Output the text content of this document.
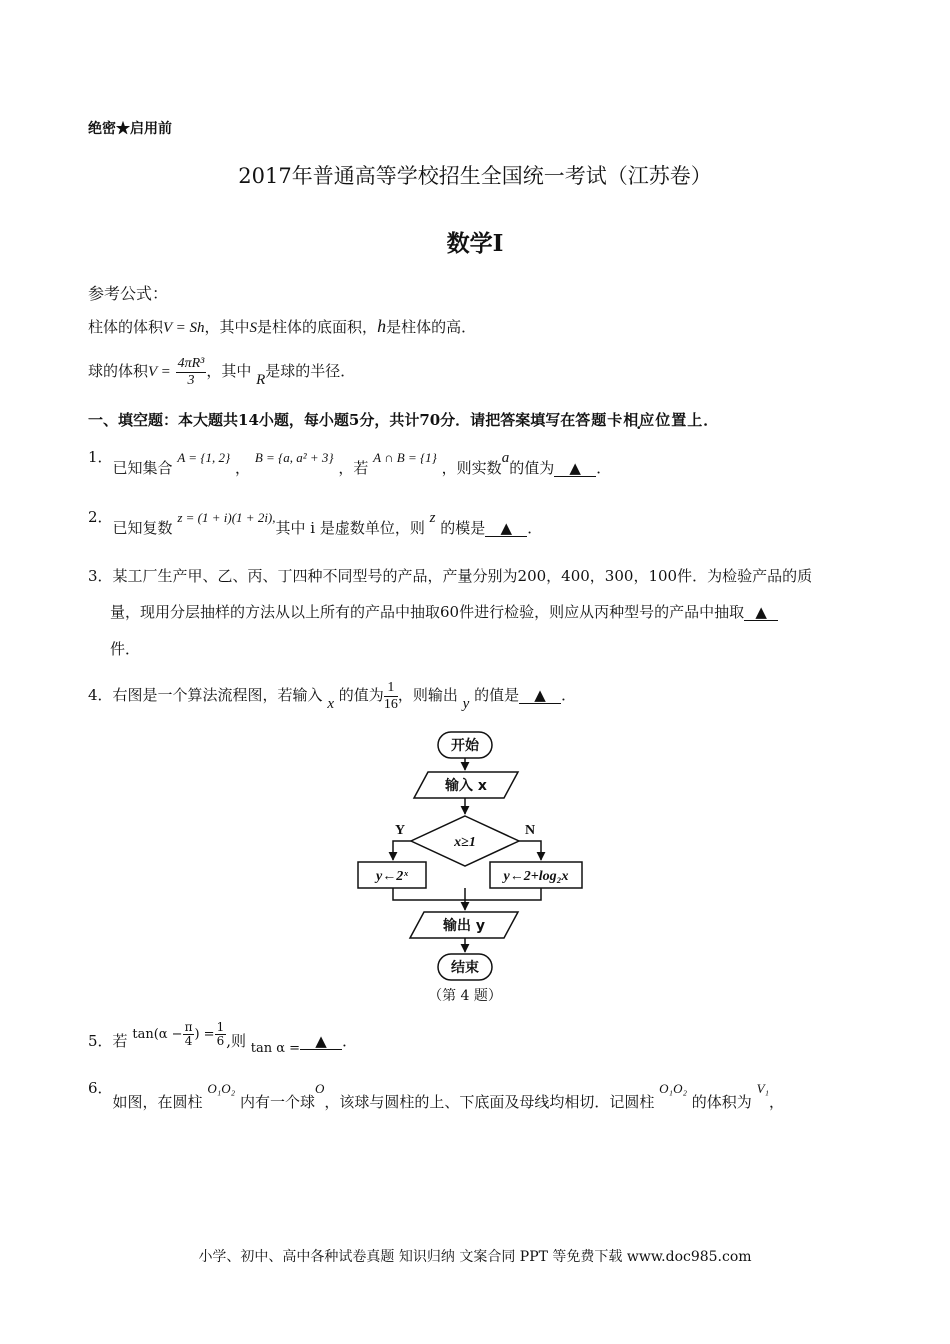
绝密★启用前
2017年普通高等学校招生全国统一考试（江苏卷）
数学Ⅰ
参考公式：
柱体的体积V = Sh，其中S是柱体的底面积，h是柱体的高．
球的体积$V = \frac{\text{4πR³}}{3}$ ，其中 R是球的半径．
一、填空题：本大题共14小题，每小题5分，共计70分．请把答案填写在答题卡相应位置上 ·．
1．已知集合 A = {1, 2} ， B = {a, a² + 3} ，若 A ∩ B = {1} ，则实数a的值为 ▲ ．
2．已知复数 z = (1 + i)(1 + 2i),其中 i 是虚数单位，则 z 的模是 ▲ ．
3．某工厂生产甲、乙、丙、丁四种不同型号的产品，产量分别为200，400，300，100件．为检验产品的质
量，现用分层抽样的方法从以上所有的产品中抽取60件进行检验，则应从丙种型号的产品中抽取 ▲
件．
4．右图是一个算法流程图，若输入 x 的值为 $\frac{1}{16}$ ，则输出 y 的值是 ▲ ．
开始
输入 x
x≥1
Y	N
y←2ˣ	y←2+log₂x
输出 y
结束
（第 4 题）
5．若 $\tan(\alpha - \frac{\pi}{4}$ ) = $\frac{1}{6}$ ,则 tan α = ▲ ．
6．如图，在圆柱 O₁O₂ 内有一个球O，该球与圆柱的上、下底面及母线均相切．记圆柱 O₁O₂ 的体积为 V₁，
小学、初中、高中各种试卷真题 知识归纳 文案合同 PPT 等免费下载 www.doc985.com
